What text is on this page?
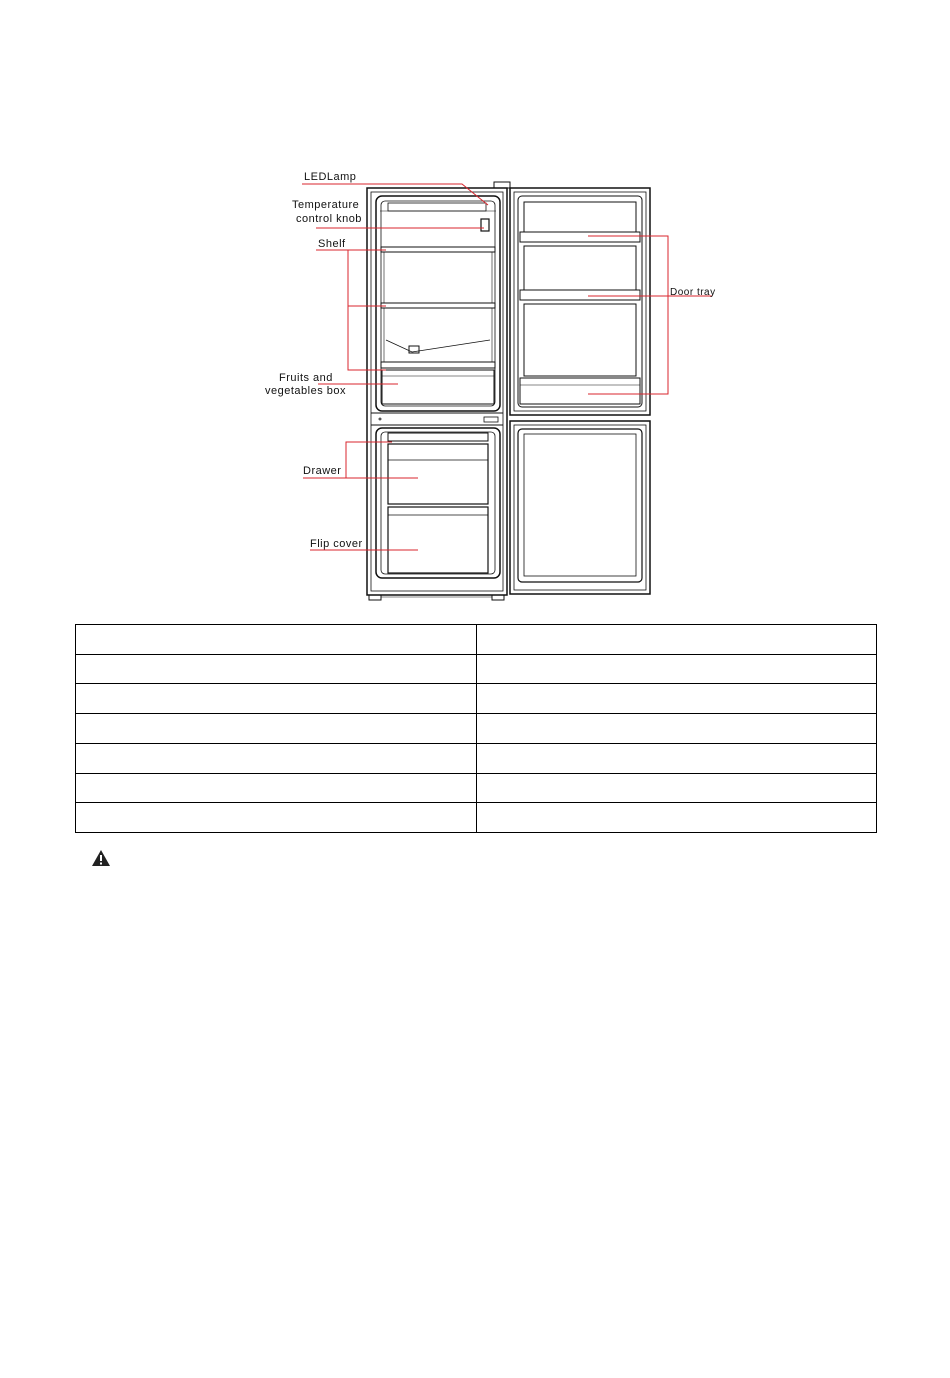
LEDLamp
Temperature
control knob
Shelf
Fruits and
vegetables box
Drawer
Flip cover
Door tray
